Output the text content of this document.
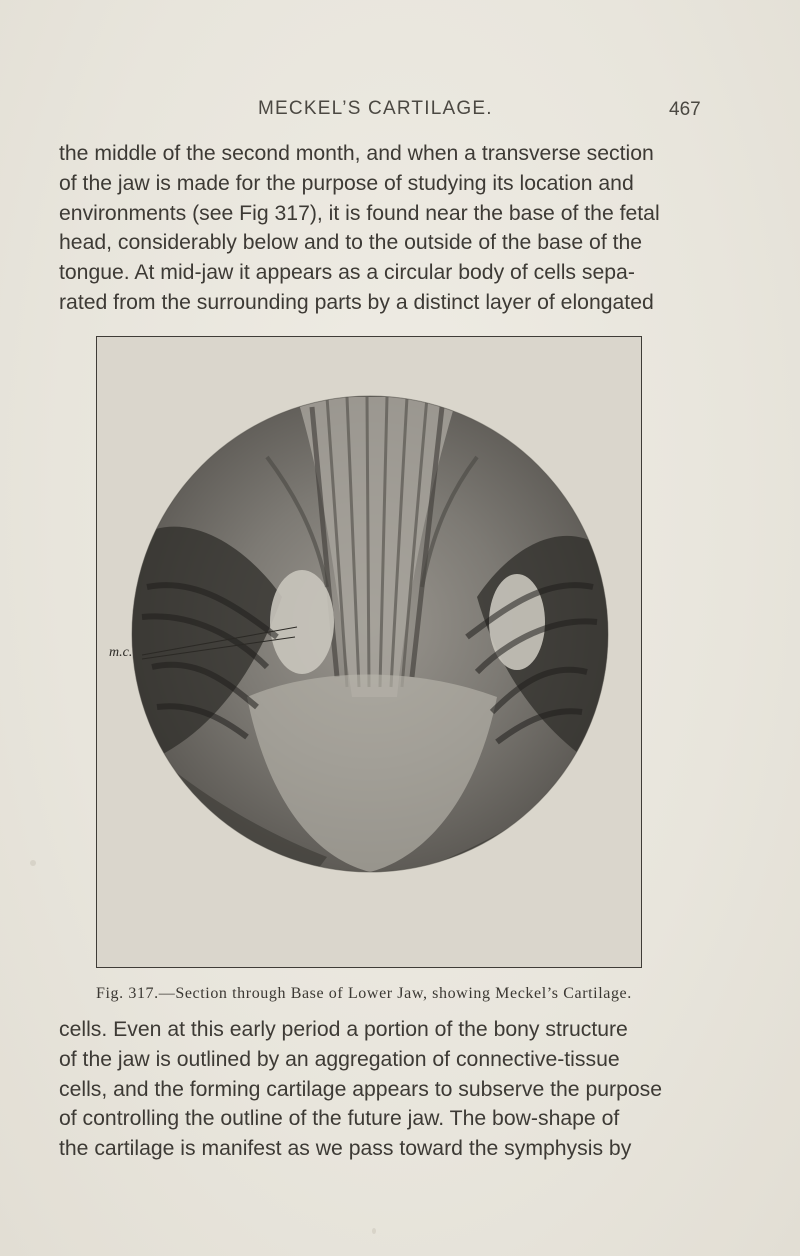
MECKEL’S CARTILAGE.	467

the middle of the second month, and when a transverse section
of the jaw is made for the purpose of studying its location and
environments (see Fig 317), it is found near the base of the fetal
head, considerably below and to the outside of the base of the
tongue. At mid-jaw it appears as a circular body of cells sepa-
rated from the surrounding parts by a distinct layer of elongated

m.c.
Fig. 317.—Section through Base of Lower Jaw, showing Meckel’s Cartilage.

cells. Even at this early period a portion of the bony structure
of the jaw is outlined by an aggregation of connective-tissue
cells, and the forming cartilage appears to subserve the purpose
of controlling the outline of the future jaw. The bow-shape of
the cartilage is manifest as we pass toward the symphysis by
